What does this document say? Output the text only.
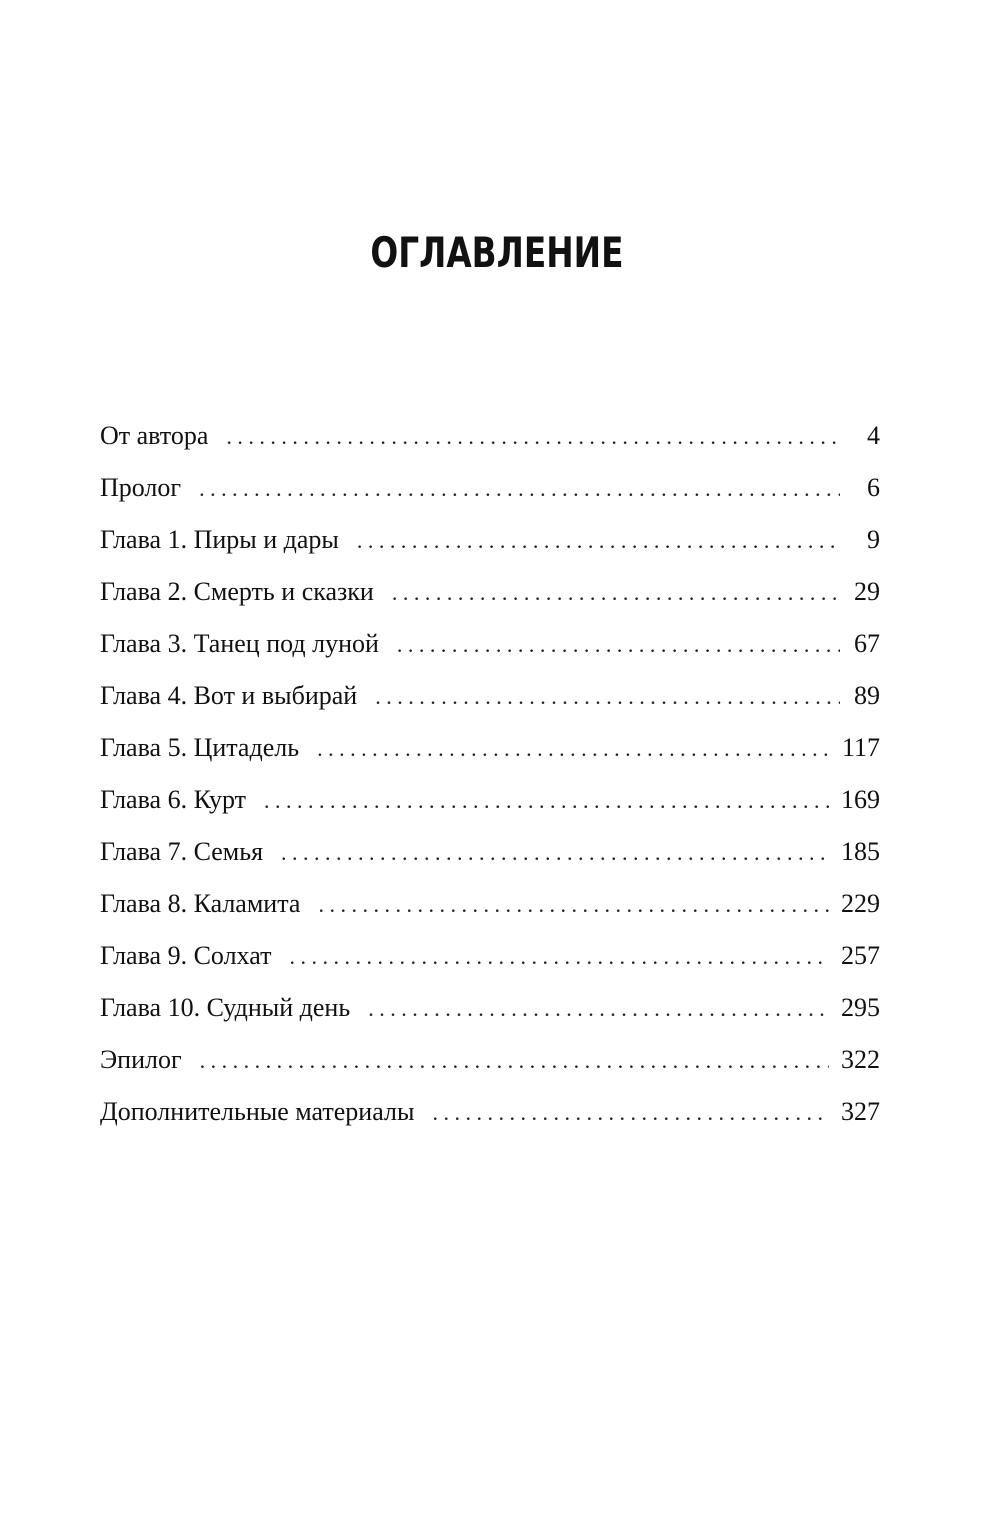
ОГЛАВЛЕНИЕ
От автора . . .	4
Пролог . . .	6
Глава 1. Пиры и дары . . .	9
Глава 2. Смерть и сказки . . .	29
Глава 3. Танец под луной . . .	67
Глава 4. Вот и выбирай . . .	89
Глава 5. Цитадель . . .	117
Глава 6. Курт . . .	169
Глава 7. Семья . . .	185
Глава 8. Каламита . . .	229
Глава 9. Солхат . . .	257
Глава 10. Судный день . . .	295
Эпилог . . .	322
Дополнительные материалы . . .	327
